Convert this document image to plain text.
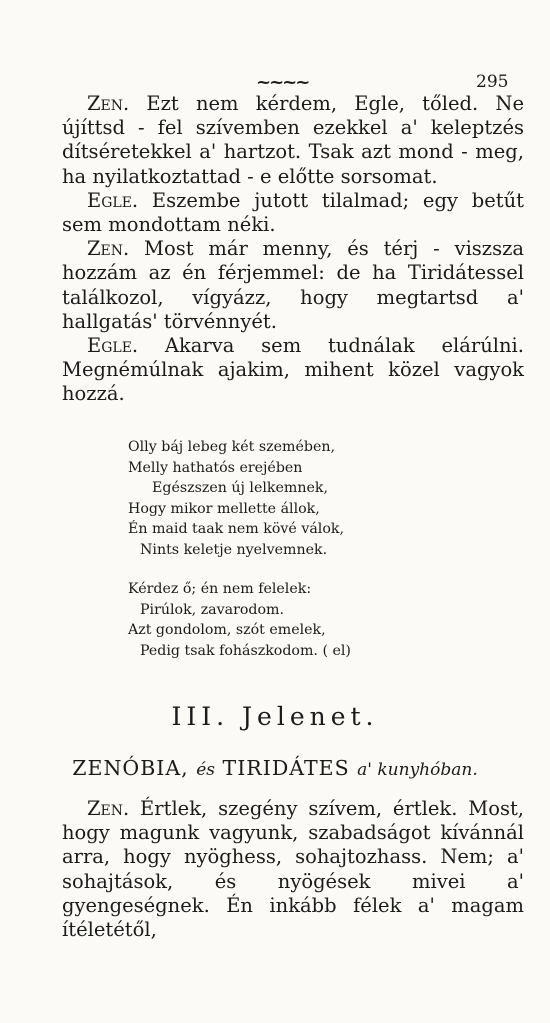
~~~~	295

Zen. Ezt nem kérdem, Egle, tőled. Ne újíttsd - fel szívemben ezekkel a' keleptzés dítséretekkel a' hartzot. Tsak azt mond - meg, ha nyilatkoztattad - e előtte sorsomat.

Egle. Eszembe jutott tilalmad; egy betűt sem mondottam néki.

Zen. Most már menny, és térj - viszsza hozzám az én férjemmel: de ha Tiridátessel találkozol, vígyázz, hogy megtartsd a' hallgatás' törvénnyét.

Egle. Akarva sem tudnálak elárúlni. Megnémúlnak ajakim, mihent közel vagyok hozzá.

Olly báj lebeg két szemében,
Melly hathatós erejében
Egészszen új lelkemnek,
Hogy mikor mellette állok,
Én maid taak nem kövé válok,
Nints keletje nyelvemnek.
Kérdez ő; én nem felelek:
Pirúlok, zavarodom.
Azt gondolom, szót emelek,
Pedig tsak fohászkodom. ( el)
III. Jelenet.
ZENÓBIA, és TIRIDÁTES a' kunyhóban.

Zen. Értlek, szegény szívem, értlek. Most, hogy magunk vagyunk, szabadságot kívánnál arra, hogy nyöghess, sohajtozhass. Nem; a' sohajtások, és nyögések mivei a' gyengeségnek. Én inkább félek a' magam ítéletétől,
